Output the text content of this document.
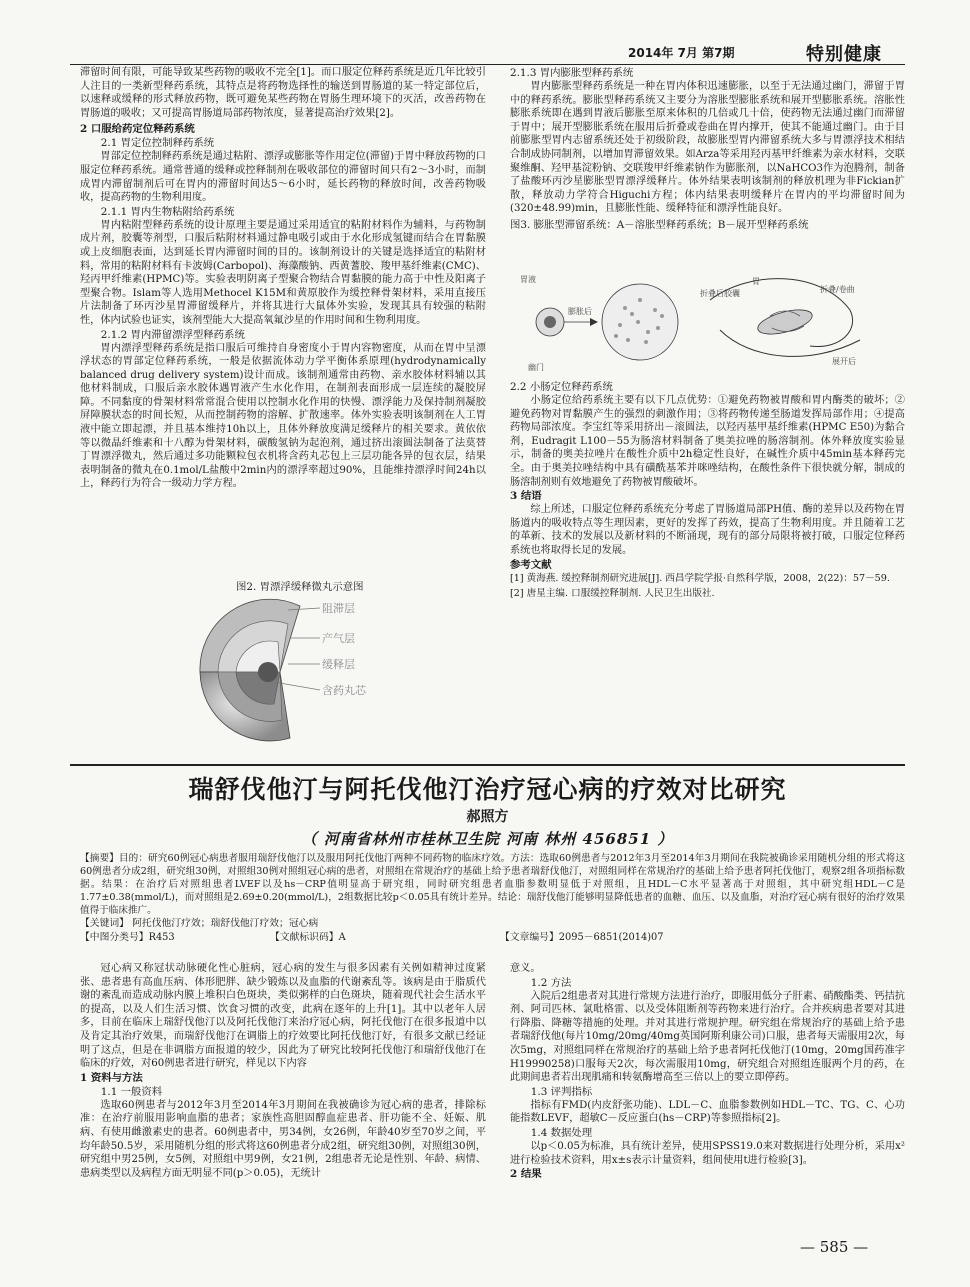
2014年 7月 第7期	特别健康

滞留时间有限，可能导致某些药物的吸收不完全[1]。而口服定位释药系统是近几年比较引人注目的一类新型释药系统，其特点是将药物选择性的输送到胃肠道的某一特定部位后，以速释或缓释的形式释放药物，既可避免某些药物在胃肠生理环境下的灭活，改善药物在胃肠道的吸收；又可提高胃肠道局部药物浓度，显著提高治疗效果[2]。

2 口服给药定位释药系统

2.1 胃定位控制释药系统

胃部定位控制释药系统是通过粘附、漂浮或膨胀等作用定位(滞留)于胃中释放药物的口服定位释药系统。通常普通的缓释或控释制剂在吸收部位的滞留时间只有2～3小时，而制成胃内滞留制剂后可在胃内的滞留时间达5～6小时，延长药物的释放时间，改善药物吸收，提高药物的生物利用度。

2.1.1 胃内生物粘附给药系统

胃内粘附型释药系统的设计原理主要是通过采用适宜的粘附材料作为辅料，与药物制成片剂，胶囊等剂型，口服后粘附材料通过静电吸引或由于水化形成氢键而结合在胃黏膜或上皮细胞表面，达到延长胃内滞留时间的目的。该制剂设计的关键是选择适宜的粘附材料，常用的粘附材料有卡波姆(Carbopol)、海藻酸钠、西黄蓍胶、羧甲基纤维素(CMC)、羟丙甲纤维素(HPMC)等。实验表明阴离子型聚合物结合胃黏膜的能力高于中性及阳离子型聚合物。Islam等人选用Methocel K15M和黄原胶作为缓控释骨架材料，采用直接压片法制备了环丙沙星胃滞留缓释片，并将其进行大鼠体外实验，发现其具有较强的粘附性，体内试验也证实，该剂型能大大提高氧氟沙星的作用时间和生物利用度。

2.1.2 胃内滞留漂浮型释药系统

胃内漂浮型释药系统是指口服后可维持自身密度小于胃内容物密度，从而在胃中呈漂浮状态的胃部定位释药系统，一般是依据流体动力学平衡体系原理(hydrodynamically balanced drug delivery system)设计而成。该制剂通常由药物、亲水胶体材料辅以其他材料制成，口服后亲水胶体遇胃液产生水化作用，在制剂表面形成一层连续的凝胶屏障。不同黏度的骨架材料常常混合使用以控制水化作用的快慢、漂浮能力及保持制剂凝胶屏障膜状态的时间长短，从而控制药物的溶解、扩散速率。体外实验表明该制剂在人工胃液中能立即起漂，并且基本维持10h以上，且体外释放度满足缓释片的相关要求。黄依依等以微晶纤维素和十八醇为骨架材料，碳酸氢钠为起泡剂，通过挤出滚圆法制备了法莫替丁胃漂浮微丸，然后通过多功能颗粒包衣机将含药丸芯包上三层功能各异的包衣层，结果表明制备的微丸在0.1mol/L盐酸中2min内的漂浮率超过90%，且能维持漂浮时间24h以上，释药行为符合一级动力学方程。

图2. 胃漂浮缓释微丸示意图
阻滞层
产气层
缓释层
含药丸芯

2.1.3 胃内膨胀型释药系统

胃内膨胀型释药系统是一种在胃内体积迅速膨胀，以至于无法通过幽门，滞留于胃中的释药系统。膨胀型释药系统又主要分为溶胀型膨胀系统和展开型膨胀系统。溶胀性膨胀系统即在遇到胃液后膨胀至原来体积的几倍或几十倍，使药物无法通过幽门而滞留于胃中；展开型膨胀系统在服用后折叠或卷曲在胃内撑开，使其不能通过幽门。由于目前膨胀型胃内志留系统还处于初级阶段，故膨胀型胃内滞留系统大多与胃漂浮技术相结合制成协同制剂，以增加胃滞留效果。如Arza等采用羟丙基甲纤维素为亲水材料，交联聚维酮、羟甲基淀粉钠、交联羧甲纤维素钠作为膨胀剂，以NaHCO3作为泡腾剂，制备了盐酸环丙沙星膨胀型胃漂浮缓释片。体外结果表明该制剂的释放机理为非Fickian扩散，释放动力学符合Higuchi方程；体内结果表明缓释片在胃内的平均滞留时间为(320±48.99)min，且膨胀性能、缓释特征和漂浮性能良好。

图3. 膨胀型滞留系统：A－溶胀型释药系统；B－展开型释药系统

胃液
膨胀后
幽门
胃
折叠后胶囊	折叠/卷曲
展开后

2.2 小肠定位释药系统

小肠定位给药系统主要有以下几点优势：①避免药物被胃酸和胃内酶类的破坏；②避免药物对胃黏膜产生的强烈的刺激作用；③将药物传递至肠道发挥局部作用；④提高药物局部浓度。李宝红等采用挤出－滚圆法，以羟丙基甲基纤维素(HPMC E50)为黏合剂，Eudragit L100－55为肠溶材料制备了奥美拉唑的肠溶制剂。体外释放度实验显示，制备的奥美拉唑片在酸性介质中2h稳定性良好，在碱性介质中45min基本释药完全。由于奥美拉唑结构中具有磺酰基苯并咪唑结构，在酸性条件下很快就分解，制成的肠溶制剂则有效地避免了药物被胃酸破坏。

3 结语

综上所述，口服定位释药系统充分考虑了胃肠道局部PH值、酶的差异以及药物在胃肠道内的吸收特点等生理因素，更好的发挥了药效，提高了生物利用度。并且随着工艺的革新、技术的发展以及新材料的不断涌现，现有的部分局限将被打破，口服定位释药系统也将取得长足的发展。

参考文献

[1] 黄海燕. 缓控释制剂研究进展[J]. 西昌学院学报·自然科学版，2008，2(22)：57－59.

[2] 唐星主编. 口服缓控释制剂. 人民卫生出版社.

瑞舒伐他汀与阿托伐他汀治疗冠心病的疗效对比研究
郝照方
（ 河南省林州市桂林卫生院 河南 林州 456851 ）

【摘要】目的：研究60例冠心病患者服用瑞舒伐他汀以及服用阿托伐他汀两种不同药物的临床疗效。方法：选取60例患者与2012年3月至2014年3月期间在我院被确诊采用随机分组的形式将这60例患者分成2组，研究组30例，对照组30例对照组冠心病的患者，对照组在常规治疗的基础上给予患者瑞舒伐他汀，对照组同样在常规治疗的基础上给予患者阿托伐他汀，观察2组各项指标数据。结果：在治疗后对照组患者LVEF以及hs－CRP值明显高于研究组，同时研究组患者血脂参数明显低于对照组，且HDL－C水平显著高于对照组，其中研究组HDL－C是1.77±0.38(mmol/L)，而对照组是2.69±0.20(mmol/L)，2组数据比较p＜0.05具有统计差异。结论：瑞舒伐他汀能够明显降低患者的血糖、血压、以及血脂，对治疗冠心病有很好的治疗效果值得于临床推广。

【关键词】 阿托伐他汀疗效；瑞舒伐他汀疗效；冠心病

【中图分类号】R453	【文献标识码】A	【文章编号】2095－6851(2014)07

冠心病又称冠状动脉硬化性心脏病，冠心病的发生与很多因素有关例如精神过度紧张、患者患有高血压病、体形肥胖、缺少锻炼以及血脂的代谢紊乱等。该病是由于脂质代谢的紊乱而造成动脉内膜上堆积白色斑块，类似粥样的白色斑块，随着现代社会生活水平的提高，以及人们生活习惯、饮食习惯的改变，此病在逐年的上升[1]。其中以老年人居多，目前在临床上瑞舒伐他汀以及阿托伐他汀来治疗冠心病，阿托伐他汀在很多报道中以及肯定其治疗效果，而瑞舒伐他汀在调脂上的疗效要比阿托伐他汀好，有很多文献已经证明了这点，但是在非调脂方面报道的较少，因此为了研究比较阿托伐他汀和瑞舒伐他汀在临床的疗效，对60例患者进行研究，样见以下内容

1 资料与方法

1.1 一般资料

选取60例患者与2012年3月至2014年3月期间在我被确诊为冠心病的患者，排除标准：在治疗前服用影响血脂的患者；家族性高胆固醇血症患者、肝功能不全、妊娠、肌病、有使用雌激素史的患者。60例患者中，男34例，女26例，年龄40岁至70岁之间，平均年龄50.5岁，采用随机分组的形式将这60例患者分成2组，研究组30例，对照组30例，研究组中男25例，女5例，对照组中男9例，女21例，2组患者无论是性别、年龄、病情、患病类型以及病程方面无明显不同(p＞0.05)，无统计

意义。

1.2 方法

入院后2组患者对其进行常规方法进行治疗，即服用低分子肝素、硝酸酯类、钙拮抗剂、阿司匹林、氯吡格雷、以及受体阻断剂等药物来进行治疗。合并疾病患者要对其进行降脂、降糖等措施的处理。并对其进行常规护理。研究组在常规治疗的基础上给予患者瑞舒伐他(每片10mg/20mg/40mg英国阿斯利康公司)口服，患者每天需服用2次，每次5mg，对照组同样在常规治疗的基础上给予患者阿托伐他汀(10mg，20mg国药准字H19990258)口服每天2次，每次需服用10mg，研究组合对照组连服两个月的药，在此期间患者若出现肌痛和转氨酶增高至三倍以上的要立即停药。

1.3 评判指标

指标有FMD(内皮舒张功能)、LDL－C、血脂参数例如HDL－TC、TG、C、心功能指数LEVF，超敏C－反应蛋白(hs－CRP)等参照指标[2]。

1.4 数据处理

以p＜0.05为标准，具有统计差异，使用SPSS19.0来对数据进行处理分析，采用x²进行检验技术资料，用x±s表示计量资料，组间使用t进行检验[3]。

2 结果

— 585 —
